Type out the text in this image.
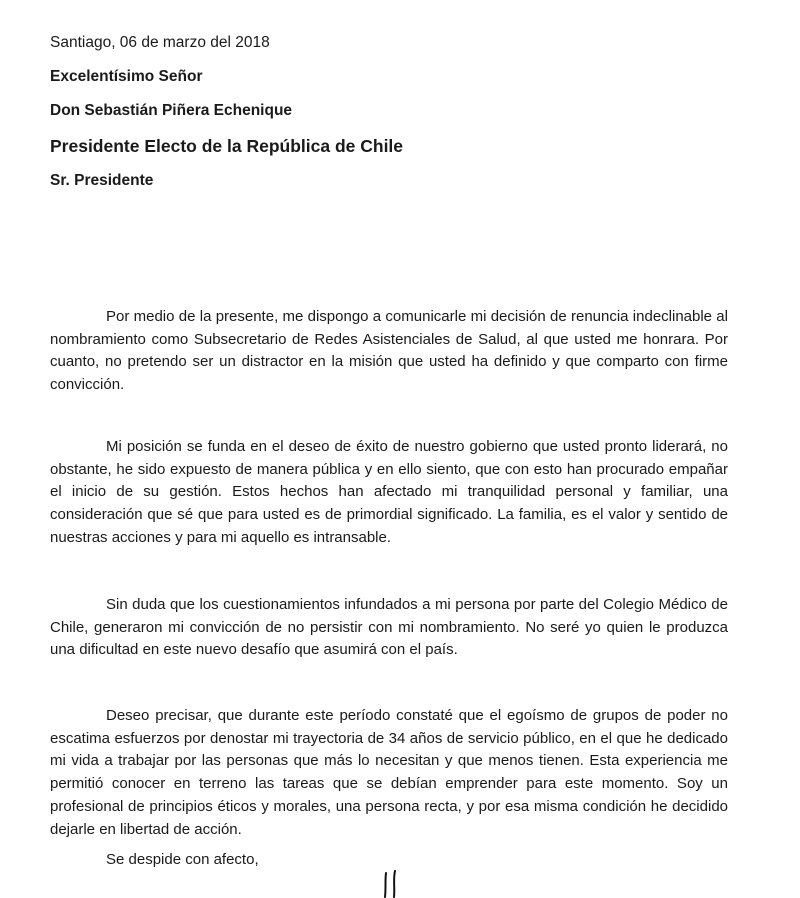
Santiago, 06 de marzo del 2018

Excelentísimo Señor

Don Sebastián Piñera Echenique

Presidente Electo de la República de Chile

Sr. Presidente

Por medio de la presente, me dispongo a comunicarle mi decisión de renuncia indeclinable al nombramiento como Subsecretario de Redes Asistenciales de Salud, al que usted me honrara. Por cuanto, no pretendo ser un distractor en la misión que usted ha definido y que comparto con firme convicción.

Mi posición se funda en el deseo de éxito de nuestro gobierno que usted pronto liderará, no obstante, he sido expuesto de manera pública y en ello siento, que con esto han procurado empañar el inicio de su gestión. Estos hechos han afectado mi tranquilidad personal y familiar, una consideración que sé que para usted es de primordial significado. La familia, es el valor y sentido de nuestras acciones y para mi aquello es intransable.

Sin duda que los cuestionamientos infundados a mi persona por parte del Colegio Médico de Chile, generaron mi convicción de no persistir con mi nombramiento. No seré yo quien le produzca una dificultad en este nuevo desafío que asumirá con el país.

Deseo precisar, que durante este período constaté que el egoísmo de grupos de poder no escatima esfuerzos por denostar mi trayectoria de 34 años de servicio público, en el que he dedicado mi vida a trabajar por las personas que más lo necesitan y que menos tienen. Esta experiencia me permitió conocer en terreno las tareas que se debían emprender para este momento. Soy un profesional de principios éticos y morales, una persona recta, y por esa misma condición he decidido dejarle en libertad de acción.

Se despide con afecto,
